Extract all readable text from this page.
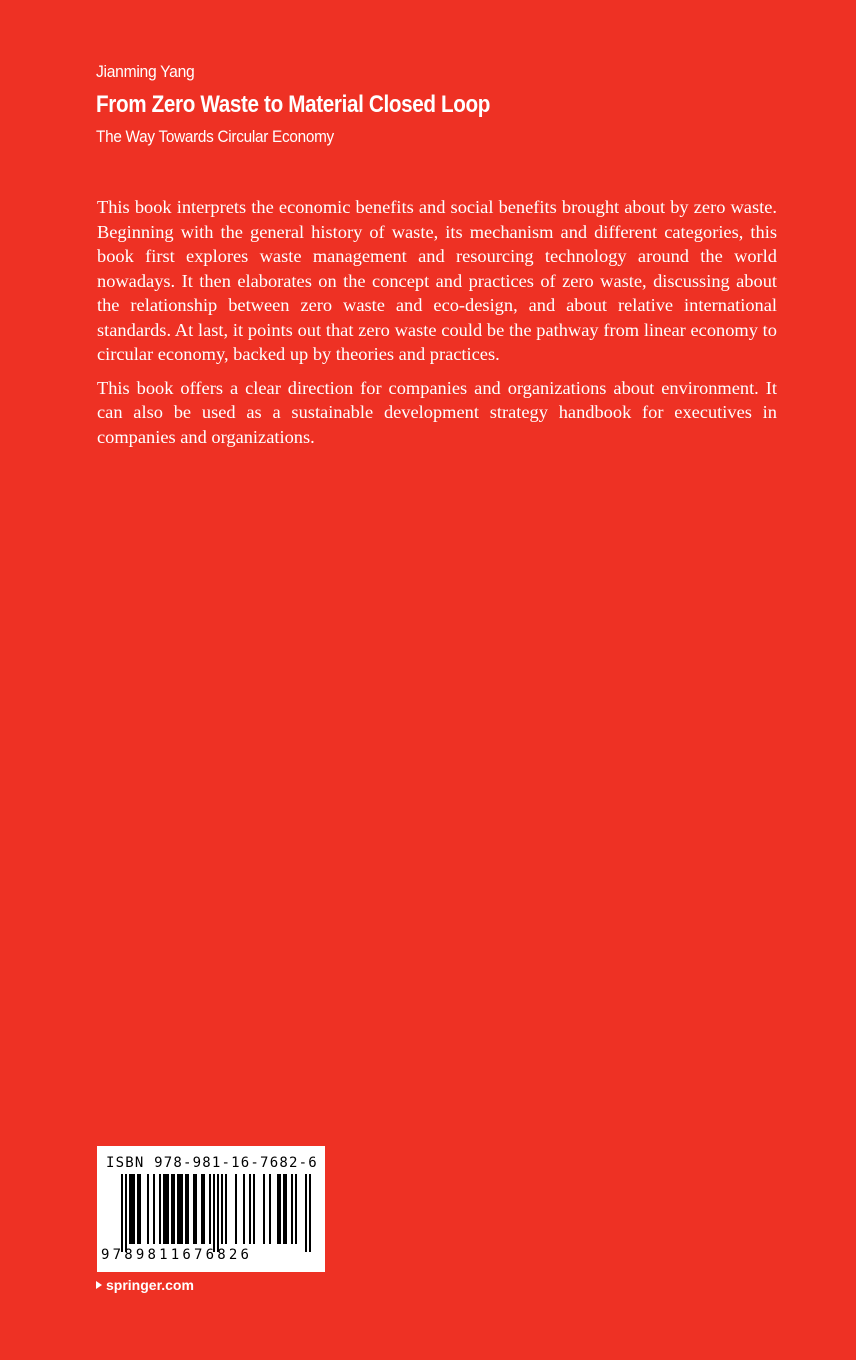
Jianming Yang
From Zero Waste to Material Closed Loop
The Way Towards Circular Economy

This book interprets the economic benefits and social benefits brought about by zero waste. Beginning with the general history of waste, its mechanism and different categories, this book first explores waste management and resourcing technology around the world nowadays. It then elaborates on the concept and practices of zero waste, discussing about the relationship between zero waste and eco-design, and about relative international standards. At last, it points out that zero waste could be the pathway from linear economy to circular economy, backed up by theories and practices.

This book offers a clear direction for companies and organizations about environment. It can also be used as a sustainable development strategy handbook for executives in companies and organizations.

ISBN 978-981-16-7682-6
9789811676826
springer.com
